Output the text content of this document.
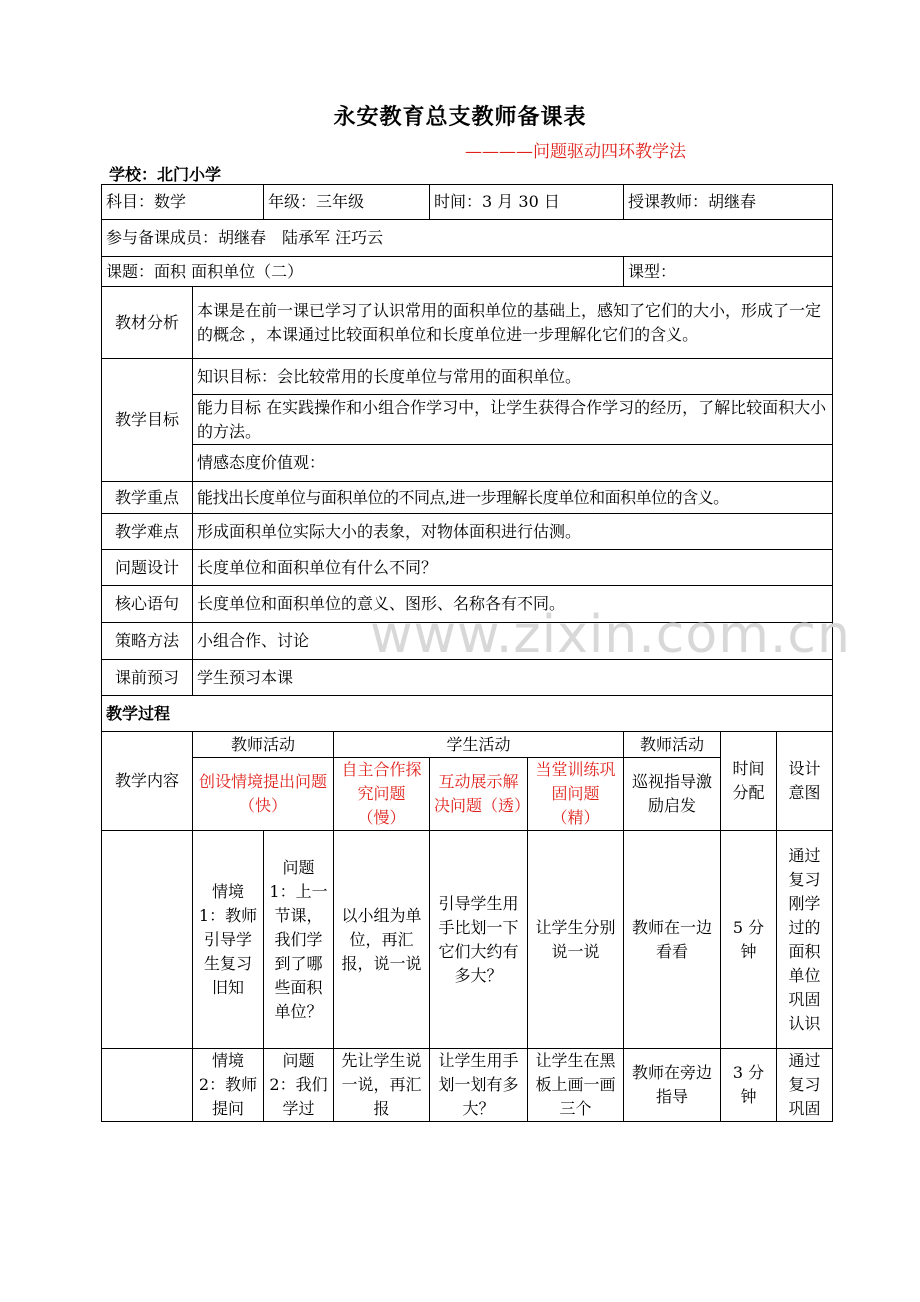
永安教育总支教师备课表
————问题驱动四环教学法
学校：北门小学
科目：数学		年级：三年级		时间：3 月 30 日		授课教师：胡继春		
参与备课成员：胡继春　陆承军 汪巧云								
课题：面积 面积单位（二）						课型：		
教材分析	本课是在前一课已学习了认识常用的面积单位的基础上，感知了它们的大小，形成了一定的概念 ，本课通过比较面积单位和长度单位进一步理解化它们的含义。							
教学目标	知识目标：会比较常用的长度单位与常用的面积单位。							
	能力目标 在实践操作和小组合作学习中，让学生获得合作学习的经历，了解比较面积大小的方法。							
	情感态度价值观：							
教学重点	能找出长度单位与面积单位的不同点,进一步理解长度单位和面积单位的含义。							
教学难点	形成面积单位实际大小的表象，对物体面积进行估测。							
问题设计	长度单位和面积单位有什么不同？							
核心语句	长度单位和面积单位的意义、图形、名称各有不同。							
策略方法	小组合作、讨论							
课前预习	学生预习本课							
教学过程								
教学内容	教师活动		学生活动			教师活动	时间分配	设计意图
	创设情境提出问题（快）		自主合作探究问题（慢）	互动展示解决问题（透）	当堂训练巩固问题（精）	巡视指导激励启发		
	情境 1：教师引导学生复习旧知	问题 1：上一节课，我们学到了哪些面积单位？	以小组为单位，再汇报，说一说	引导学生用手比划一下它们大约有多大？	让学生分别说一说	教师在一边看看	5 分钟	通过复习刚学过的面积单位巩固认识
	情境 2：教师提问	问题 2：我们学过	先让学生说一说，再汇报	让学生用手划一划有多大？	让学生在黑板上画一画三个	教师在旁边指导	3 分钟	通过复习巩固
www.zixin.com.cn
